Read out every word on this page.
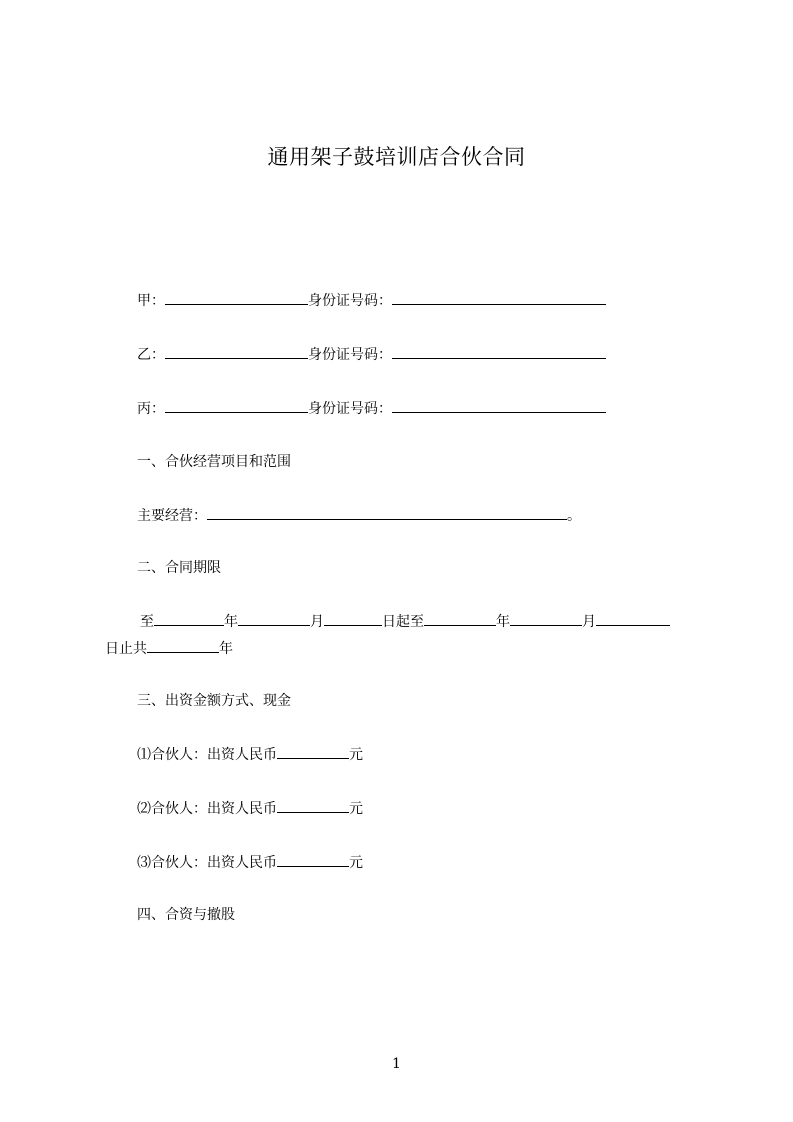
通用架子鼓培训店合伙合同
甲：	身份证号码：
乙：	身份证号码：
丙：	身份证号码：
一、合伙经营项目和范围
主要经营：	。
二、合同期限
至	年	月	日起至	年	月
日止共	年
三、出资金额方式、现金
⑴合伙人：出资人民币	元
⑵合伙人：出资人民币	元
⑶合伙人：出资人民币	元
四、合资与撤股
1
